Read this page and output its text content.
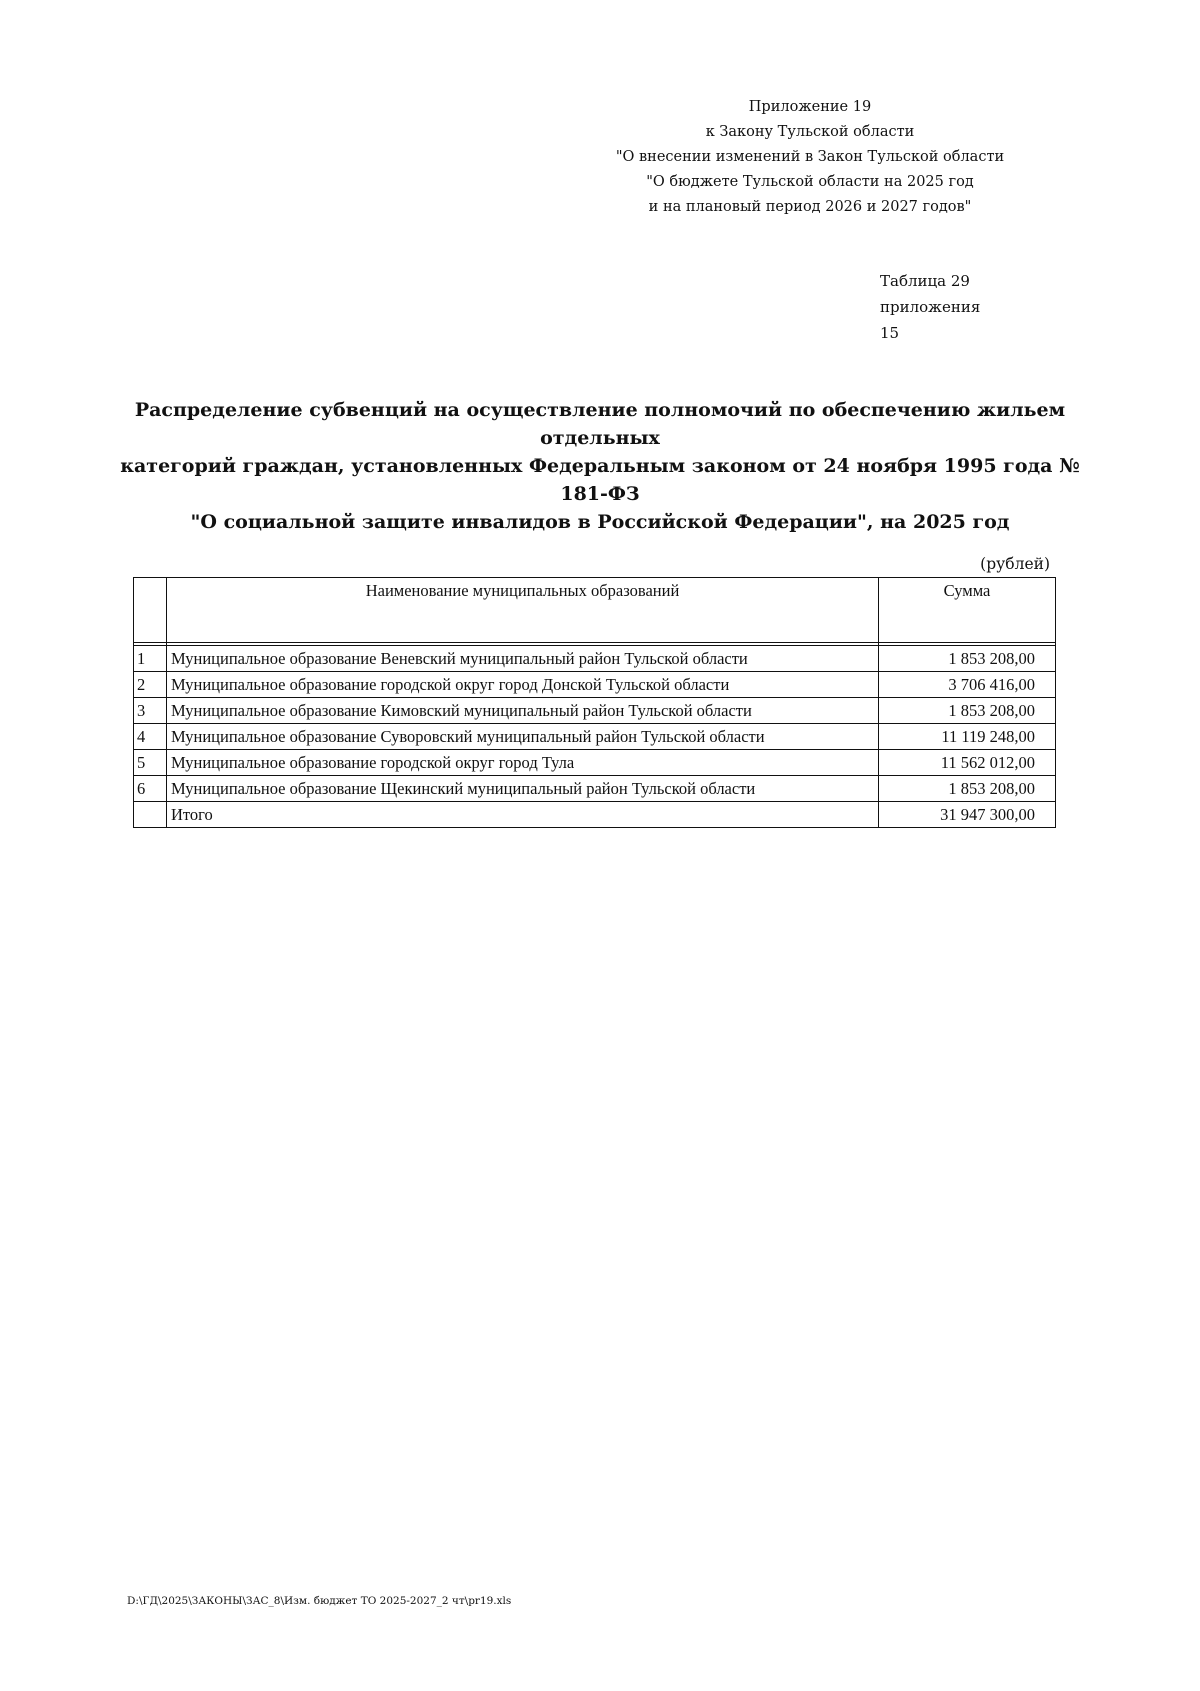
Приложение 19
к Закону Тульской области
"О внесении изменений в Закон Тульской области
"О бюджете Тульской области на 2025 год
и на плановый период 2026 и 2027 годов"
Таблица 29
приложения 15
Распределение субвенций на осуществление полномочий по обеспечению жильем отдельных
категорий граждан, установленных Федеральным законом от 24 ноября 1995 года № 181-ФЗ
"О социальной защите инвалидов в Российской Федерации", на 2025 год
(рублей)
	Наименование муниципальных образований	Сумма

1	Муниципальное образование Веневский муниципальный район Тульской области	1 853 208,00
2	Муниципальное образование городской округ город Донской Тульской области	3 706 416,00
3	Муниципальное образование Кимовский муниципальный район Тульской области	1 853 208,00
4	Муниципальное образование Суворовский муниципальный район Тульской области	11 119 248,00
5	Муниципальное образование городской округ город Тула	11 562 012,00
6	Муниципальное образование Щекинский муниципальный район Тульской области	1 853 208,00
	Итого	31 947 300,00
D:\ГД\2025\ЗАКОНЫ\ЗАС_8\Изм. бюджет ТО 2025-2027_2 чт\pr19.xls
